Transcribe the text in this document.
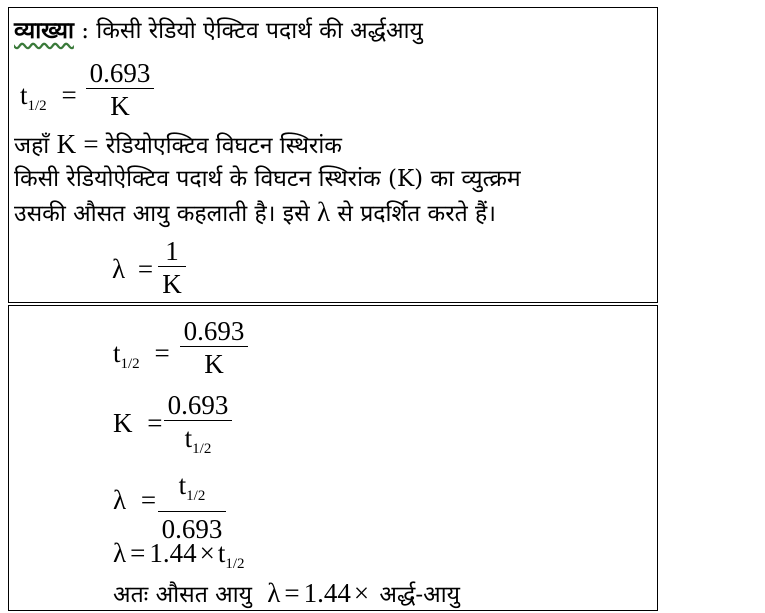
व्याख्या : किसी रेडियो ऐक्टिव पदार्थ की अर्द्धआयु
$t_{1/2}$ =
0.693
K
जहाँ K = रेडियोएक्टिव विघटन स्थिरांक
किसी रेडियोऐक्टिव पदार्थ के विघटन स्थिरांक (K) का व्युत्क्रम
उसकी औसत आयु कहलाती है। इसे λ से प्रदर्शित करते हैं।
λ =
1
K
$t_{1/2}$ =
0.693
K
K =
0.693
$t_{1/2}$
$\lambda = t_{1/2}$
0.693
$\lambda = 1.44 \times t_{1/2}$
अतः औसत आयु λ = 1.44 × अर्द्ध-आयु
